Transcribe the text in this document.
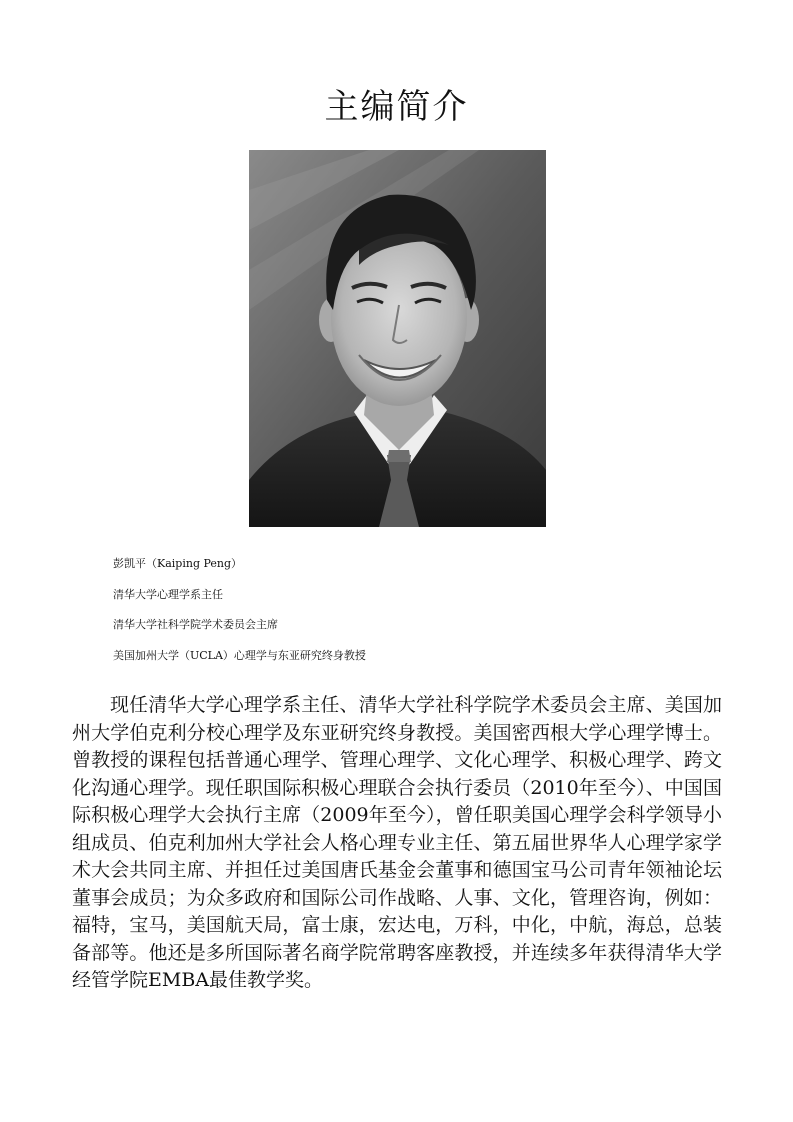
主编简介
彭凯平（Kaiping Peng）
清华大学心理学系主任
清华大学社科学院学术委员会主席
美国加州大学（UCLA）心理学与东亚研究终身教授

现任清华大学心理学系主任、清华大学社科学院学术委员会主席、美国加州大学伯克利分校心理学及东亚研究终身教授。美国密西根大学心理学博士。曾教授的课程包括普通心理学、管理心理学、文化心理学、积极心理学、跨文化沟通心理学。现任职国际积极心理联合会执行委员（2010年至今）、中国国际积极心理学大会执行主席（2009年至今），曾任职美国心理学会科学领导小组成员、伯克利加州大学社会人格心理专业主任、第五届世界华人心理学家学术大会共同主席、并担任过美国唐氏基金会董事和德国宝马公司青年领袖论坛董事会成员；为众多政府和国际公司作战略、人事、文化，管理咨询，例如：福特，宝马，美国航天局，富士康，宏达电，万科，中化，中航，海总，总装备部等。他还是多所国际著名商学院常聘客座教授，并连续多年获得清华大学经管学院EMBA最佳教学奖。
